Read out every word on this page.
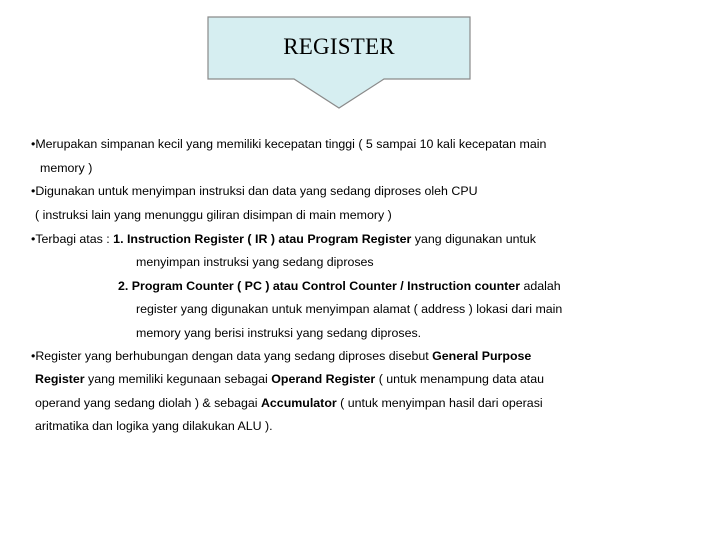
REGISTER
•Merupakan simpanan kecil yang memiliki kecepatan tinggi ( 5 sampai 10 kali kecepatan main
memory )
•Digunakan untuk menyimpan instruksi dan data yang sedang diproses oleh CPU
( instruksi lain yang menunggu giliran disimpan di main memory )
•Terbagi atas : 1. Instruction Register ( IR ) atau Program Register yang digunakan untuk
menyimpan instruksi yang sedang diproses
2. Program Counter ( PC ) atau Control Counter / Instruction counter adalah
register yang digunakan untuk menyimpan alamat ( address ) lokasi dari main
memory yang berisi instruksi yang sedang diproses.
•Register yang berhubungan dengan data yang sedang diproses disebut General Purpose
Register yang memiliki kegunaan sebagai Operand Register ( untuk menampung data atau
operand yang sedang diolah ) & sebagai Accumulator ( untuk menyimpan hasil dari operasi
aritmatika dan logika yang dilakukan ALU ).
